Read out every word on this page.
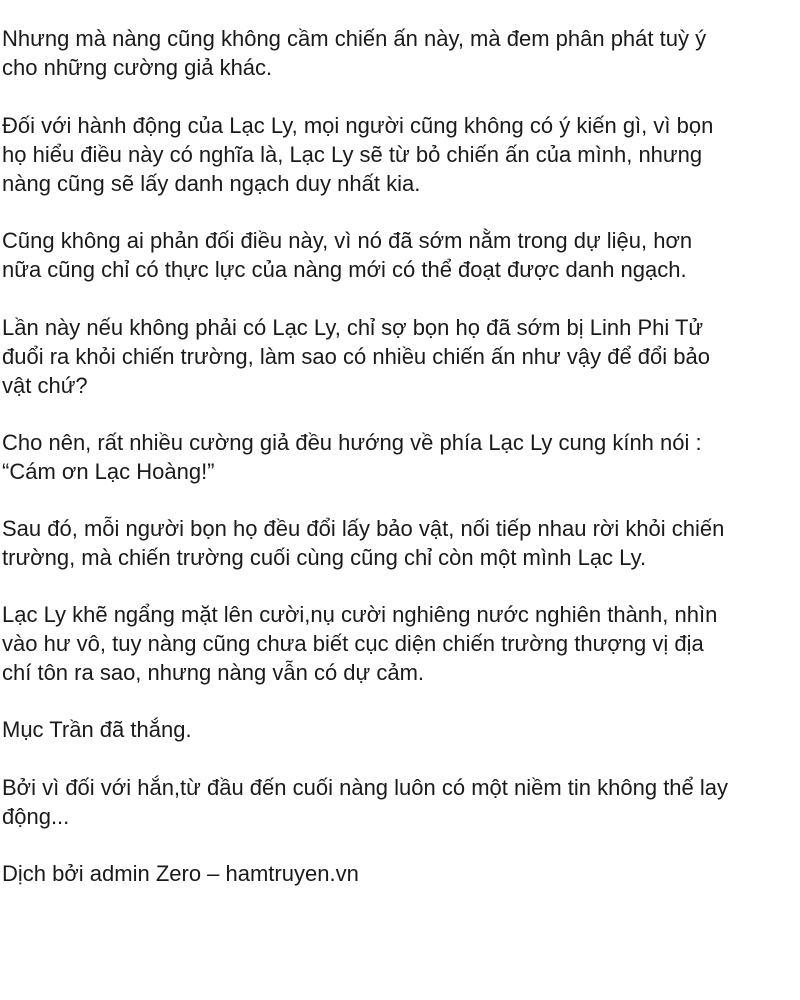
Nhưng mà nàng cũng không cầm chiến ấn này, mà đem phân phát tuỳ ý
cho những cường giả khác.

Đối với hành động của Lạc Ly, mọi người cũng không có ý kiến gì, vì bọn
họ hiểu điều này có nghĩa là, Lạc Ly sẽ từ bỏ chiến ấn của mình, nhưng
nàng cũng sẽ lấy danh ngạch duy nhất kia.

Cũng không ai phản đối điều này, vì nó đã sớm nằm trong dự liệu, hơn
nữa cũng chỉ có thực lực của nàng mới có thể đoạt được danh ngạch.

Lần này nếu không phải có Lạc Ly, chỉ sợ bọn họ đã sớm bị Linh Phi Tử
đuổi ra khỏi chiến trường, làm sao có nhiều chiến ấn như vậy để đổi bảo
vật chứ?

Cho nên, rất nhiều cường giả đều hướng về phía Lạc Ly cung kính nói :
“Cám ơn Lạc Hoàng!”

Sau đó, mỗi người bọn họ đều đổi lấy bảo vật, nối tiếp nhau rời khỏi chiến
trường, mà chiến trường cuối cùng cũng chỉ còn một mình Lạc Ly.

Lạc Ly khẽ ngẩng mặt lên cười,nụ cười nghiêng nước nghiên thành, nhìn
vào hư vô, tuy nàng cũng chưa biết cục diện chiến trường thượng vị địa
chí tôn ra sao, nhưng nàng vẫn có dự cảm.

Mục Trần đã thắng.

Bởi vì đối với hắn,từ đầu đến cuối nàng luôn có một niềm tin không thể lay
động...

Dịch bởi admin Zero – hamtruyen.vn
